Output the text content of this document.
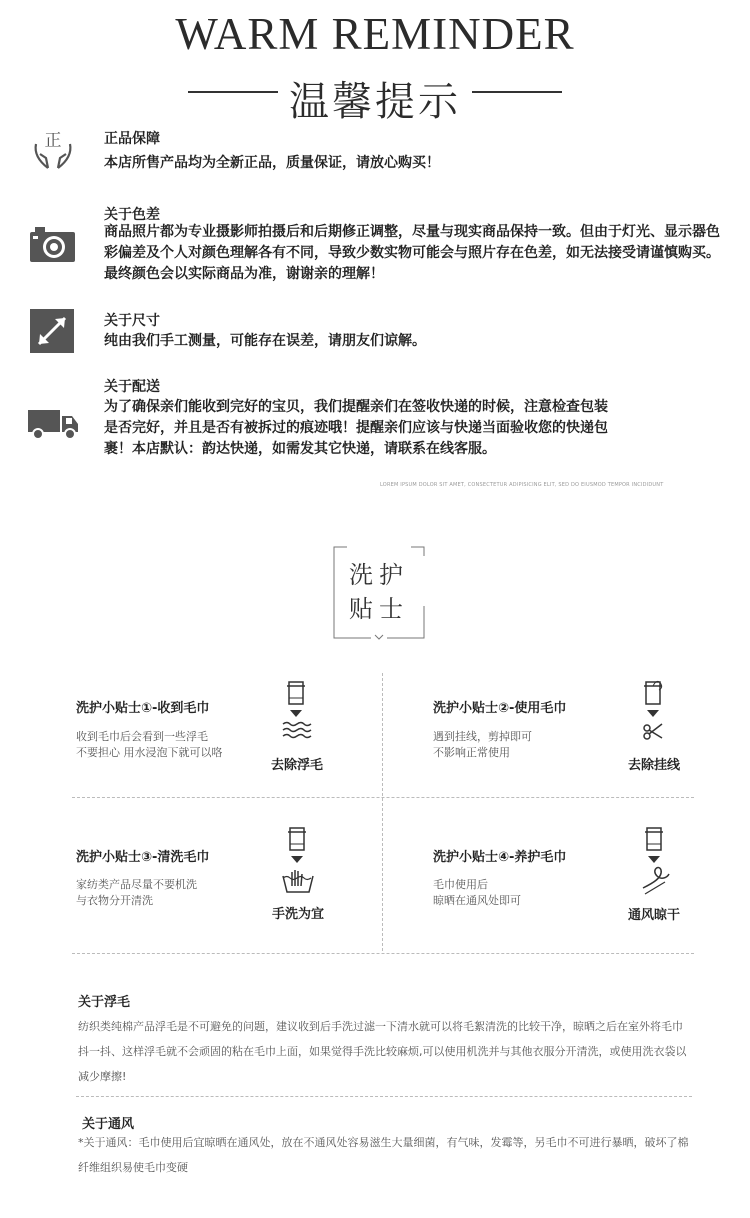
WARM REMINDER
温馨提示
正	正品保障
本店所售产品均为全新正品，质量保证，请放心购买！
关于色差
商品照片都为专业摄影师拍摄后和后期修正调整，尽量与现实商品保持一致。但由于灯光、显示器色彩偏差及个人对颜色理解各有不同，导致少数实物可能会与照片存在色差，如无法接受请谨慎购买。最终颜色会以实际商品为准，谢谢亲的理解！
关于尺寸
纯由我们手工测量，可能存在误差，请朋友们谅解。
关于配送
为了确保亲们能收到完好的宝贝，我们提醒亲们在签收快递的时候，注意检查包装是否完好，并且是否有被拆过的痕迹哦！提醒亲们应该与快递当面验收您的快递包裹！本店默认：韵达快递，如需发其它快递，请联系在线客服。
LOREM IPSUM DOLOR SIT AMET, CONSECTETUR ADIPISICING ELIT, SED DO EIUSMOD TEMPOR INCIDIDUNT
洗护
贴士
洗护小贴士①-收到毛巾
收到毛巾后会看到一些浮毛
不要担心 用水浸泡下就可以咯
去除浮毛
洗护小贴士②-使用毛巾
遇到挂线，剪掉即可
不影响正常使用
去除挂线
洗护小贴士③-清洗毛巾
家纺类产品尽量不要机洗
与衣物分开清洗
手洗为宜
洗护小贴士④-养护毛巾
毛巾使用后
晾晒在通风处即可
通风晾干
关于浮毛
纺织类纯棉产品浮毛是不可避免的问题，建议收到后手洗过滤一下清水就可以将毛絮清洗的比较干净，晾晒之后在室外将毛巾抖一抖、这样浮毛就不会顽固的粘在毛巾上面，如果觉得手洗比较麻烦,可以使用机洗并与其他衣服分开清洗，或使用洗衣袋以减少摩擦!
关于通风
*关于通风：毛巾使用后宜晾晒在通风处，放在不通风处容易滋生大量细菌，有气味，发霉等，另毛巾不可进行暴晒，破坏了棉纤维组织易使毛巾变硬
